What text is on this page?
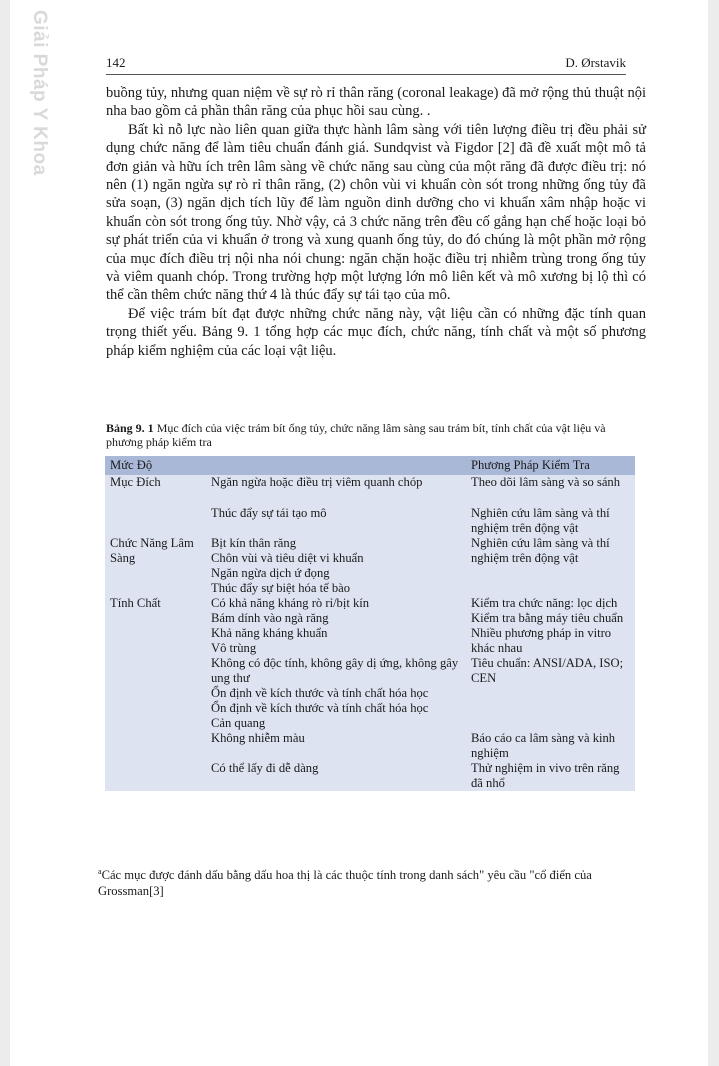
Giải Pháp Y Khoa	142	D. Ørstavik

buồng tủy, nhưng quan niệm về sự rò rỉ thân răng (coronal leakage) đã mở rộng thủ thuật nội nha bao gồm cả phần thân răng của phục hồi sau cùng. .

Bất kì nỗ lực nào liên quan giữa thực hành lâm sàng với tiên lượng điều trị đều phải sử dụng chức năng để làm tiêu chuẩn đánh giá. Sundqvist và Figdor [2] đã đề xuất một mô tả đơn giản và hữu ích trên lâm sàng về chức năng sau cùng của một răng đã được điều trị: nó nên (1) ngăn ngừa sự rò rỉ thân răng, (2) chôn vùi vi khuẩn còn sót trong những ống tủy đã sửa soạn, (3) ngăn dịch tích lũy để làm nguồn dinh dưỡng cho vi khuẩn xâm nhập hoặc vi khuẩn còn sót trong ống tủy. Nhờ vậy, cả 3 chức năng trên đều cố gắng hạn chế hoặc loại bỏ sự phát triển của vi khuẩn ở trong và xung quanh ống tủy, do đó chúng là một phần mở rộng của mục đích điều trị nội nha nói chung: ngăn chặn hoặc điều trị nhiễm trùng trong ống tủy và viêm quanh chóp. Trong trường hợp một lượng lớn mô liên kết và mô xương bị lộ thì có thể cần thêm chức năng thứ 4 là thúc đẩy sự tái tạo của mô.

Để việc trám bít đạt được những chức năng này, vật liệu cần có những đặc tính quan trọng thiết yếu. Bảng 9. 1 tổng hợp các mục đích, chức năng, tính chất và một số phương pháp kiểm nghiệm của các loại vật liệu.

Bảng 9. 1 Mục đích của việc trám bít ống tủy, chức năng lâm sàng sau trám bít, tính chất của vật liệu và phương pháp kiểm tra
Mức Độ		Phương Pháp Kiểm Tra
Mục Đích	Ngăn ngừa hoặc điều trị viêm quanh chóp	Theo dõi lâm sàng và so sánh
	Thúc đẩy sự tái tạo mô	Nghiên cứu lâm sàng và thí nghiệm trên động vật
Chức Năng Lâm Sàng	Bịt kín thân răng	Nghiên cứu lâm sàng và thí nghiệm trên động vật
	Chôn vùi và tiêu diệt vi khuẩn	
	Ngăn ngừa dịch ứ đọng	
	Thúc đẩy sự biệt hóa tế bào	
Tính Chất	Có khả năng kháng rò rỉ/bịt kín	Kiểm tra chức năng: lọc dịch
	Bám dính vào ngà răng	Kiểm tra bằng máy tiêu chuẩn
	Khả năng kháng khuẩn	Nhiều phương pháp in vitro khác nhau
	Vô trùng	
	Không có độc tính, không gây dị ứng, không gây ung thư	Tiêu chuẩn: ANSI/ADA, ISO; CEN
	Ổn định về kích thước và tính chất hóa học	
	Ổn định về kích thước và tính chất hóa học	
	Cản quang	
	Không nhiễm màu	Báo cáo ca lâm sàng và kinh nghiệm
	Có thể lấy đi dễ dàng	Thử nghiệm in vivo trên răng đã nhổ
$^a$Các mục được đánh dấu bằng dấu hoa thị là các thuộc tính trong danh sách" yêu cầu "cổ điển của Grossman[3]
